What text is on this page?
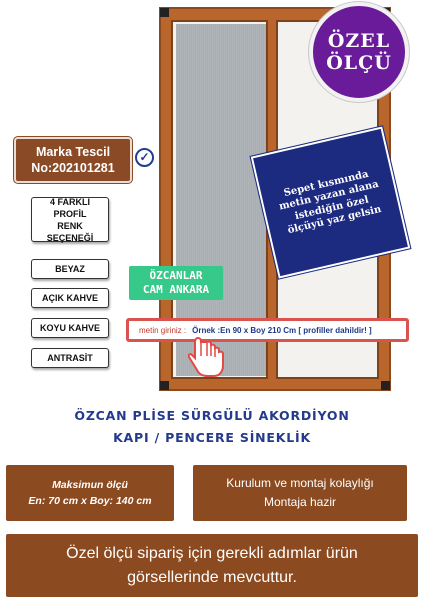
ÖZEL
ÖLÇÜ
Marka Tescil
No:202101281
✓
Sepet kısmında metin yazan alana istediğin özel ölçüyü yaz gelsin
4 FARKLI PROFİL RENK SEÇENEĞİ
BEYAZ
AÇIK KAHVE
KOYU KAHVE
ANTRASİT
ÖZCANLAR
CAM ANKARA
metin giriniz : Örnek :En 90 x Boy 210 Cm [ profiller dahildir! ]
ÖZCAN PLİSE SÜRGÜLÜ AKORDİYON
KAPI / PENCERE SİNEKLİK
Maksimun ölçü
En: 70 cm x Boy: 140 cm
Kurulum ve montaj kolaylığı
Montaja hazir
Özel ölçü sipariş için gerekli adımlar ürün görsellerinde mevcuttur.
